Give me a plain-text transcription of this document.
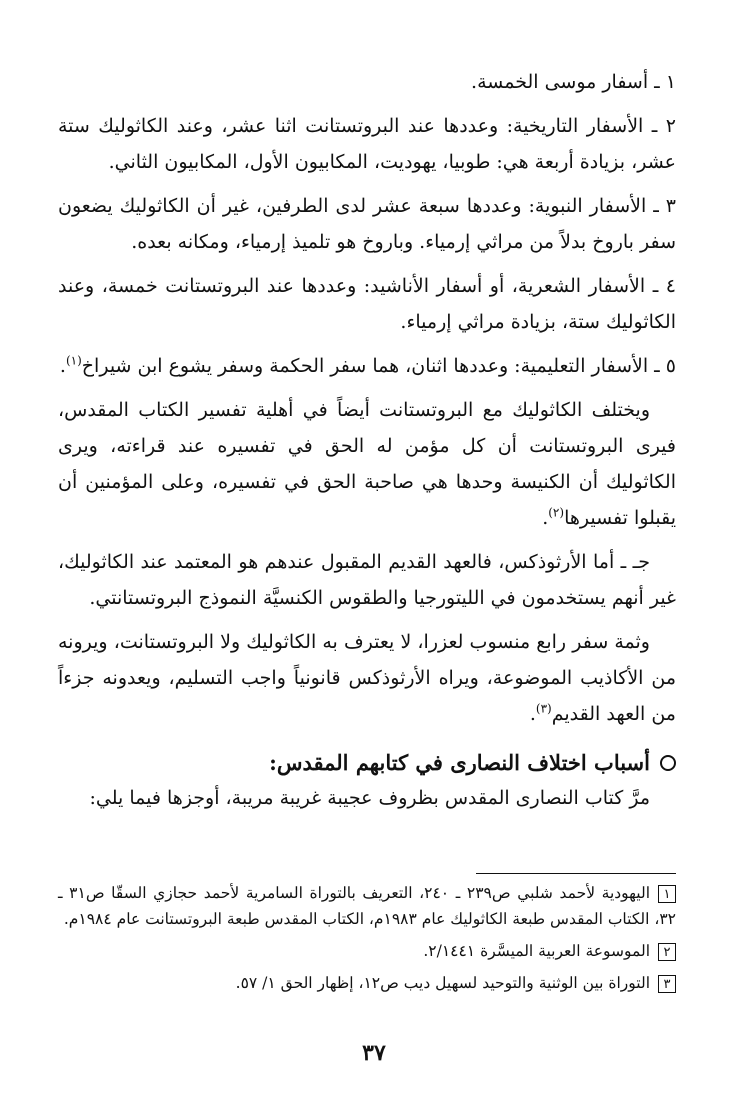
١ ـ أسفار موسى الخمسة.

٢ ـ الأسفار التاريخية: وعددها عند البروتستانت اثنا عشر، وعند الكاثوليك ستة عشر، بزيادة أربعة هي: طوبيا، يهوديت، المكابيون الأول، المكابيون الثاني.

٣ ـ الأسفار النبوية: وعددها سبعة عشر لدى الطرفين، غير أن الكاثوليك يضعون سفر باروخ بدلاً من مراثي إرمياء. وباروخ هو تلميذ إرمياء، ومكانه بعده.

٤ ـ الأسفار الشعرية، أو أسفار الأناشيد: وعددها عند البروتستانت خمسة، وعند الكاثوليك ستة، بزيادة مراثي إرمياء.

٥ ـ الأسفار التعليمية: وعددها اثنان، هما سفر الحكمة وسفر يشوع ابن شيراخ$^{(١)}$.

ويختلف الكاثوليك مع البروتستانت أيضاً في أهلية تفسير الكتاب المقدس، فيرى البروتستانت أن كل مؤمن له الحق في تفسيره عند قراءته، ويرى الكاثوليك أن الكنيسة وحدها هي صاحبة الحق في تفسيره، وعلى المؤمنين أن يقبلوا تفسيرها$^{(٢)}$.

جـ ـ أما الأرثوذكس، فالعهد القديم المقبول عندهم هو المعتمد عند الكاثوليك، غير أنهم يستخدمون في الليتورجيا والطقوس الكنسيَّة النموذج البروتستانتي.

وثمة سفر رابع منسوب لعزرا، لا يعترف به الكاثوليك ولا البروتستانت، ويرونه من الأكاذيب الموضوعة، ويراه الأرثوذكس قانونياً واجب التسليم، ويعدونه جزءاً من العهد القديم$^{(٣)}$.

أسباب اختلاف النصارى في كتابهم المقدس:

مرَّ كتاب النصارى المقدس بظروف عجيبة غريبة مريبة، أوجزها فيما يلي:

١اليهودية لأحمد شلبي ص٢٣٩ ـ ٢٤٠، التعريف بالتوراة السامرية لأحمد حجازي السقّا ص٣١ ـ ٣٢، الكتاب المقدس طبعة الكاثوليك عام ١٩٨٣م، الكتاب المقدس طبعة البروتستانت عام ١٩٨٤م.

٢الموسوعة العربية الميسَّرة ٢/١٤٤١.

٣التوراة بين الوثنية والتوحيد لسهيل ديب ص١٢، إظهار الحق ١/ ٥٧.

٣٧
